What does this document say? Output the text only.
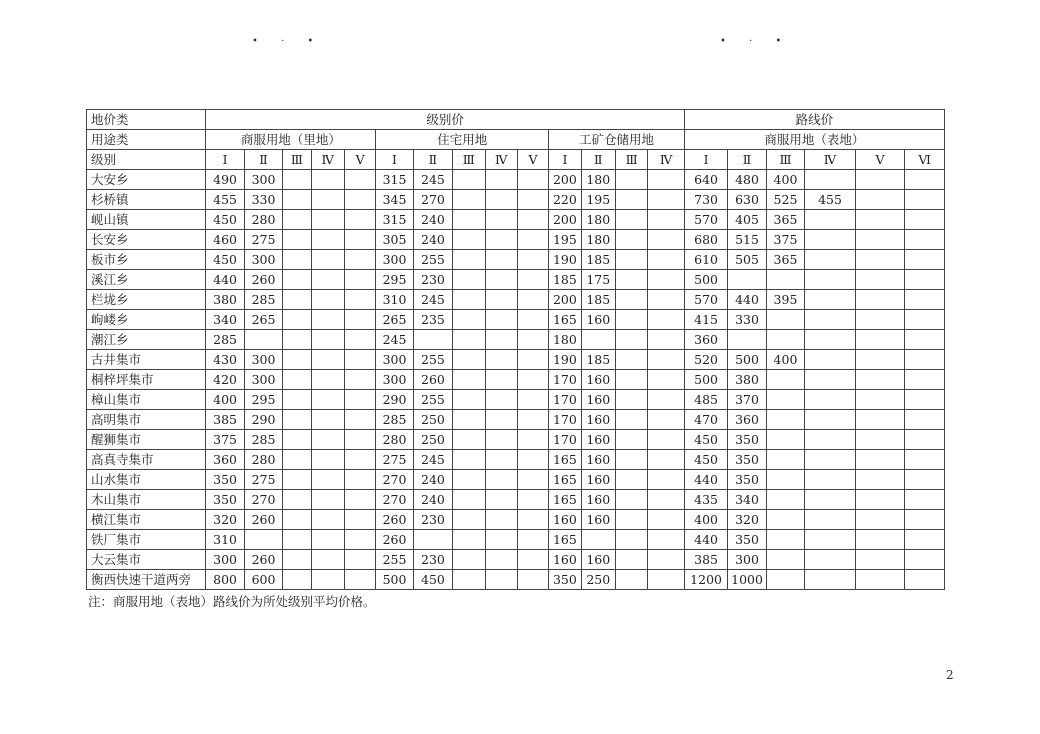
• · •	• · •
地价类	级别价														路线价					
用途类	商服用地（里地）					住宅用地					工矿仓储用地				商服用地（表地）					
级别	Ⅰ	Ⅱ	Ⅲ	Ⅳ	Ⅴ	Ⅰ	Ⅱ	Ⅲ	Ⅳ	Ⅴ	Ⅰ	Ⅱ	Ⅲ	Ⅳ	Ⅰ	Ⅱ	Ⅲ	Ⅳ	Ⅴ	Ⅵ
大安乡	490	300				315	245				200	180			640	480	400			
杉桥镇	455	330				345	270				220	195			730	630	525	455		
岘山镇	450	280				315	240				200	180			570	405	365			
长安乡	460	275				305	240				195	180			680	515	375			
板市乡	450	300				300	255				190	185			610	505	365			
溪江乡	440	260				295	230				185	175			500					
栏垅乡	380	285				310	245				200	185			570	440	395			
岣嵝乡	340	265				265	235				165	160			415	330				
潮江乡	285					245					180				360					
古井集市	430	300				300	255				190	185			520	500	400			
桐梓坪集市	420	300				300	260				170	160			500	380				
樟山集市	400	295				290	255				170	160			485	370				
高明集市	385	290				285	250				170	160			470	360				
醒狮集市	375	285				280	250				170	160			450	350				
高真寺集市	360	280				275	245				165	160			450	350				
山水集市	350	275				270	240				165	160			440	350				
木山集市	350	270				270	240				165	160			435	340				
横江集市	320	260				260	230				160	160			400	320				
铁厂集市	310					260					165				440	350				
大云集市	300	260				255	230				160	160			385	300				
衡西快速干道两旁	800	600				500	450				350	250			1200	1000				
注：商服用地（表地）路线价为所处级别平均价格。
2
